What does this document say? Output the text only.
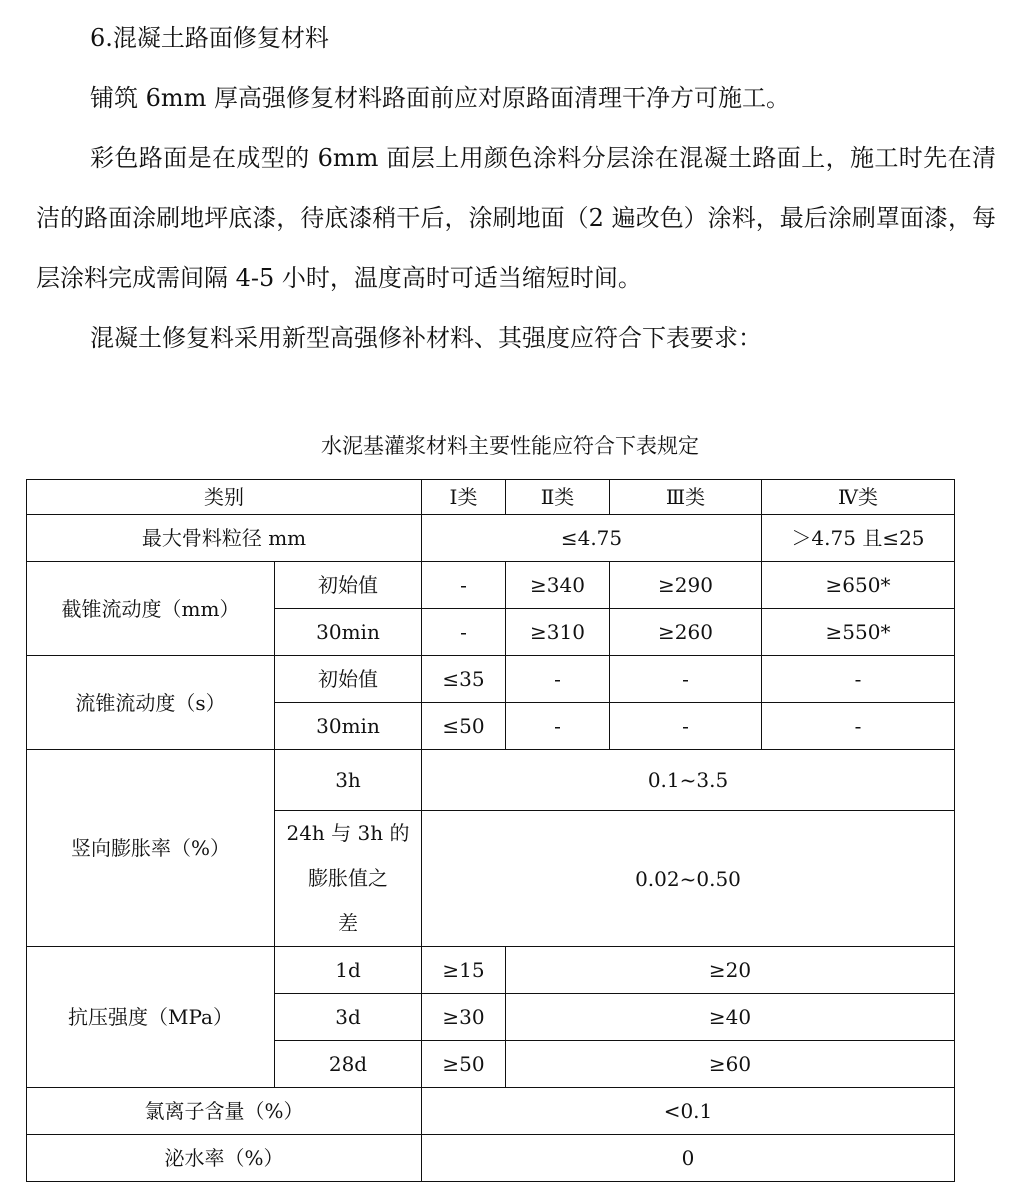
6.混凝土路面修复材料

铺筑 6mm 厚高强修复材料路面前应对原路面清理干净方可施工。

彩色路面是在成型的 6mm 面层上用颜色涂料分层涂在混凝土路面上，施工时先在清洁的路面涂刷地坪底漆，待底漆稍干后，涂刷地面（2 遍改色）涂料，最后涂刷罩面漆，每层涂料完成需间隔 4-5 小时，温度高时可适当缩短时间。

混凝土修复料采用新型高强修补材料、其强度应符合下表要求：

水泥基灌浆材料主要性能应符合下表规定
类别		Ⅰ类	Ⅱ类	Ⅲ类	Ⅳ类
最大骨料粒径 mm		≤4.75			＞4.75 且≤25
截锥流动度（mm）	初始值	-	≥340	≥290	≥650*
	30min	-	≥310	≥260	≥550*
流锥流动度（s）	初始值	≤35	-	-	-
	30min	≤50	-	-	-
竖向膨胀率（%）	3h	0.1~3.5			

	24h 与 3h 的
膨胀值之
差	0.02~0.50			
抗压强度（MPa）	1d	≥15	≥20		
	3d	≥30	≥40		
	28d	≥50	≥60		
氯离子含量（%）		<0.1			
泌水率（%）		0			
